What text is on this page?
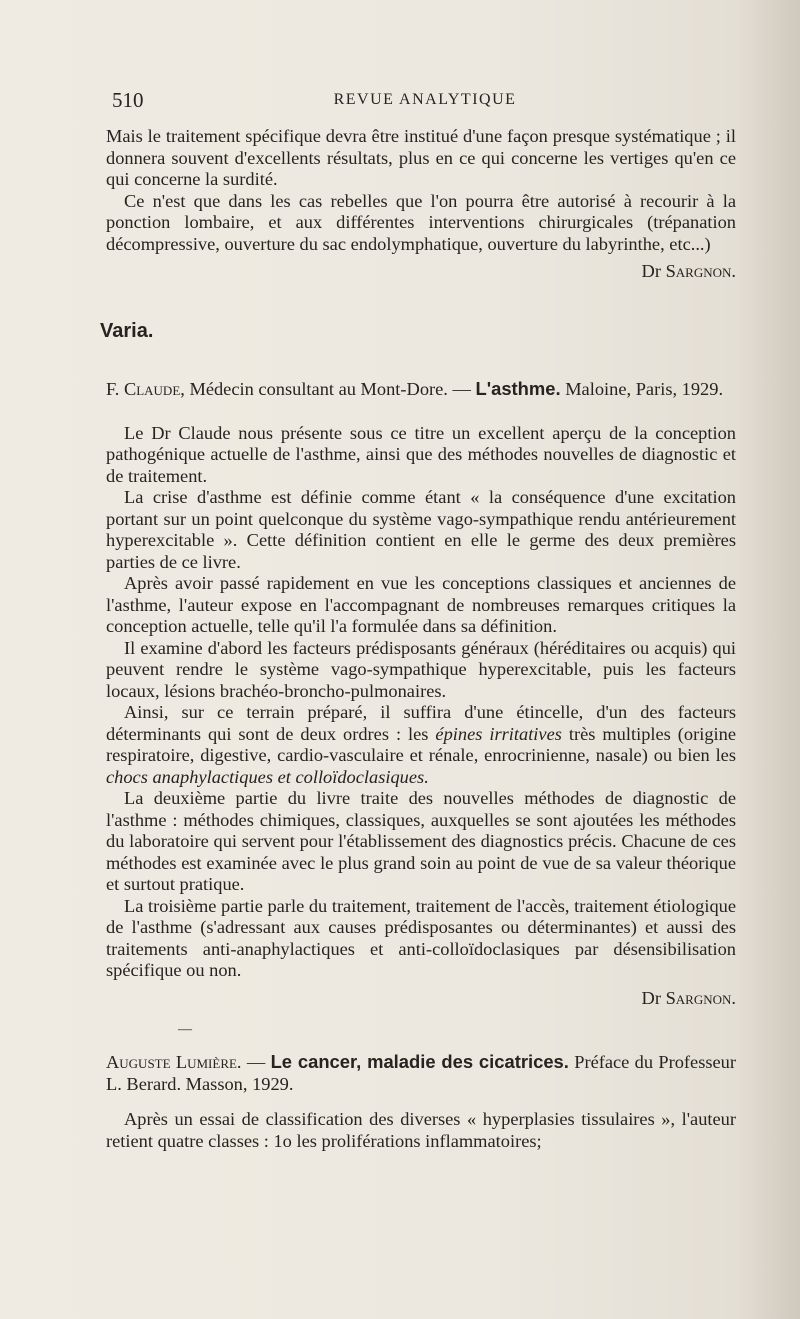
510	REVUE ANALYTIQUE

Mais le traitement spécifique devra être institué d'une façon presque systématique ; il donnera souvent d'excellents résultats, plus en ce qui concerne les vertiges qu'en ce qui concerne la surdité.

Ce n'est que dans les cas rebelles que l'on pourra être autorisé à recourir à la ponction lombaire, et aux différentes interventions chirurgicales (trépanation décompressive, ouverture du sac endolymphatique, ouverture du labyrinthe, etc...)

Dr Sargnon.

Varia.

F. Claude, Médecin consultant au Mont-Dore. — L'asthme. Maloine, Paris, 1929.

Le Dr Claude nous présente sous ce titre un excellent aperçu de la conception pathogénique actuelle de l'asthme, ainsi que des méthodes nouvelles de diagnostic et de traitement.

La crise d'asthme est définie comme étant « la conséquence d'une excitation portant sur un point quelconque du système vago-sympathique rendu antérieurement hyperexcitable ». Cette définition contient en elle le germe des deux premières parties de ce livre.

Après avoir passé rapidement en vue les conceptions classiques et anciennes de l'asthme, l'auteur expose en l'accompagnant de nombreuses remarques critiques la conception actuelle, telle qu'il l'a formulée dans sa définition.

Il examine d'abord les facteurs prédisposants généraux (héréditaires ou acquis) qui peuvent rendre le système vago-sympathique hyperexcitable, puis les facteurs locaux, lésions brachéo-broncho-pulmonaires.

Ainsi, sur ce terrain préparé, il suffira d'une étincelle, d'un des facteurs déterminants qui sont de deux ordres : les épines irritatives très multiples (origine respiratoire, digestive, cardio-vasculaire et rénale, enrocrinienne, nasale) ou bien les chocs anaphylactiques et colloïdoclasiques.

La deuxième partie du livre traite des nouvelles méthodes de diagnostic de l'asthme : méthodes chimiques, classiques, auxquelles se sont ajoutées les méthodes du laboratoire qui servent pour l'établissement des diagnostics précis. Chacune de ces méthodes est examinée avec le plus grand soin au point de vue de sa valeur théorique et surtout pratique.

La troisième partie parle du traitement, traitement de l'accès, traitement étiologique de l'asthme (s'adressant aux causes prédisposantes ou déterminantes) et aussi des traitements anti-anaphylactiques et anti-colloïdoclasiques par désensibilisation spécifique ou non.

Dr Sargnon.

—

Auguste Lumière. — Le cancer, maladie des cicatrices. Préface du Professeur L. Berard. Masson, 1929.

Après un essai de classification des diverses « hyperplasies tissulaires », l'auteur retient quatre classes : 1o les proliférations inflammatoires;
